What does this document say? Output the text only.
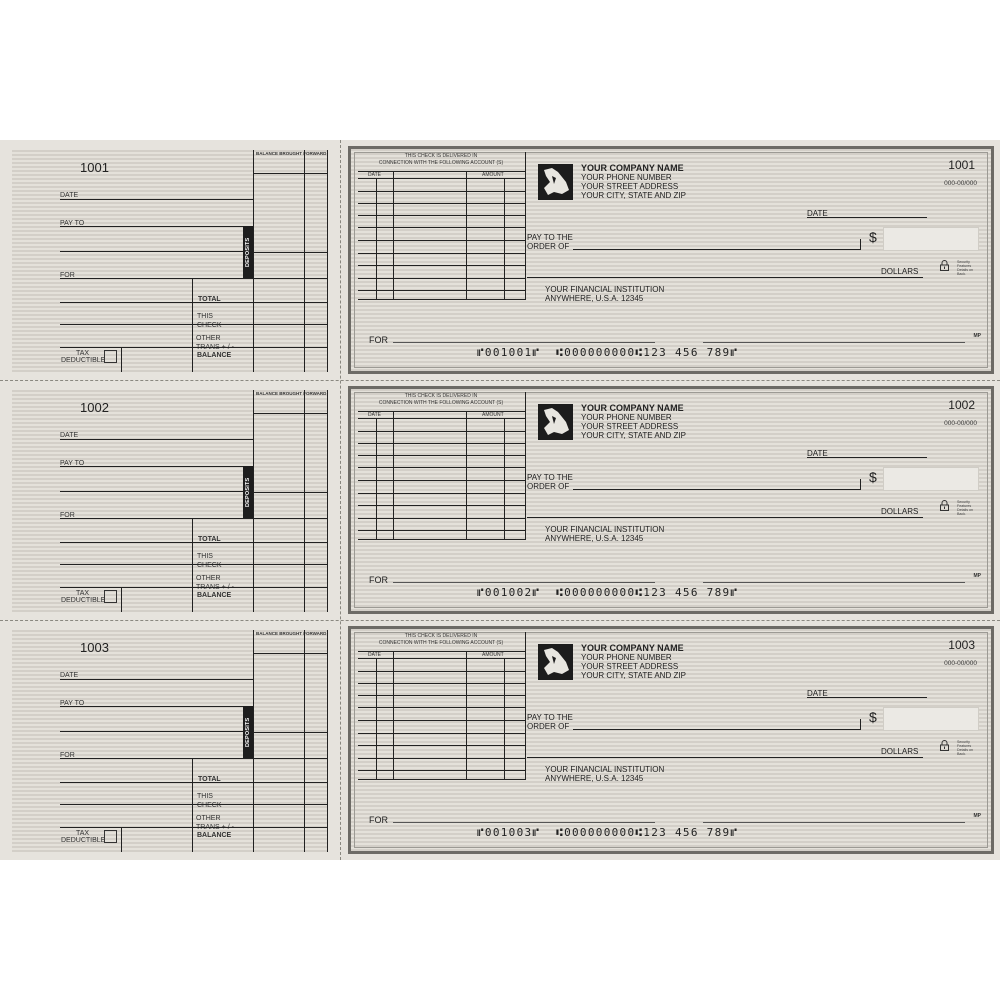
1001
BALANCE BROUGHT FORWARD
DATE
PAY TO
FOR
DEPOSITS
TOTAL
THIS
CHECK
OTHER
TRANS + / -
BALANCE
TAX
DEDUCTIBLE
THIS CHECK IS DELIVERED IN
CONNECTION WITH THE FOLLOWING ACCOUNT (S)
DATE	AMOUNT
YOUR COMPANY NAME
YOUR PHONE NUMBER
YOUR STREET ADDRESS
YOUR CITY, STATE AND ZIP
1001
000-00/000
DATE
PAY TO THE
ORDER OF
$
DOLLARS
Security
Features
Details on
Back.
YOUR FINANCIAL INSTITUTION
ANYWHERE, U.S.A. 12345
FOR	MP
⑈001001⑈  ⑆000000000⑆123 456 789⑈
1002
BALANCE BROUGHT FORWARD
DATE
PAY TO
FOR
DEPOSITS
TOTAL
THIS
CHECK
OTHER
TRANS + / -
BALANCE
TAX
DEDUCTIBLE
THIS CHECK IS DELIVERED IN
CONNECTION WITH THE FOLLOWING ACCOUNT (S)
DATE	AMOUNT
YOUR COMPANY NAME
YOUR PHONE NUMBER
YOUR STREET ADDRESS
YOUR CITY, STATE AND ZIP
1002
000-00/000
DATE
PAY TO THE
ORDER OF
$
DOLLARS
Security
Features
Details on
Back.
YOUR FINANCIAL INSTITUTION
ANYWHERE, U.S.A. 12345
FOR	MP
⑈001002⑈  ⑆000000000⑆123 456 789⑈
1003
BALANCE BROUGHT FORWARD
DATE
PAY TO
FOR
DEPOSITS
TOTAL
THIS
CHECK
OTHER
TRANS + / -
BALANCE
TAX
DEDUCTIBLE
THIS CHECK IS DELIVERED IN
CONNECTION WITH THE FOLLOWING ACCOUNT (S)
DATE	AMOUNT
YOUR COMPANY NAME
YOUR PHONE NUMBER
YOUR STREET ADDRESS
YOUR CITY, STATE AND ZIP
1003
000-00/000
DATE
PAY TO THE
ORDER OF
$
DOLLARS
Security
Features
Details on
Back.
YOUR FINANCIAL INSTITUTION
ANYWHERE, U.S.A. 12345
FOR	MP
⑈001003⑈  ⑆000000000⑆123 456 789⑈
